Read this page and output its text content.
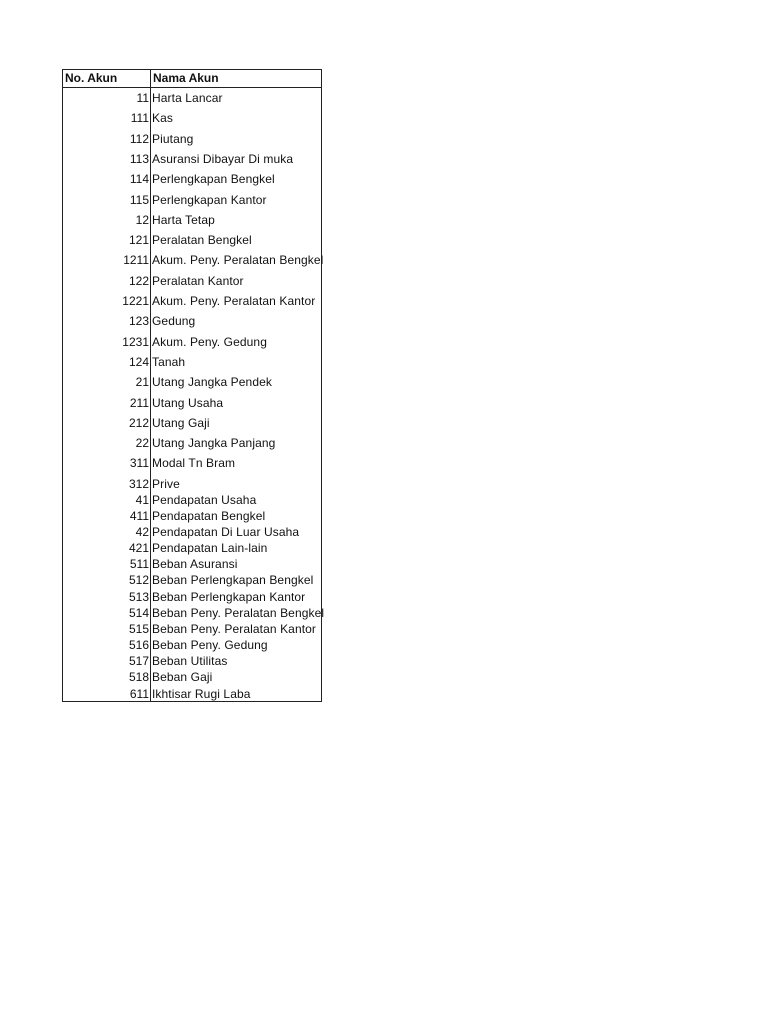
No. Akun	Nama Akun
11 Harta Lancar
111 Kas
112 Piutang
113 Asuransi Dibayar Di muka
114 Perlengkapan Bengkel
115 Perlengkapan Kantor
12 Harta Tetap
121 Peralatan Bengkel
1211 Akum. Peny. Peralatan Bengkel
122 Peralatan Kantor
1221 Akum. Peny. Peralatan Kantor
123 Gedung
1231 Akum. Peny. Gedung
124 Tanah
21 Utang Jangka Pendek
211 Utang Usaha
212 Utang Gaji
22 Utang Jangka Panjang
311 Modal Tn Bram
312 Prive
41 Pendapatan Usaha
411 Pendapatan Bengkel
42 Pendapatan Di Luar Usaha
421 Pendapatan Lain-lain
511 Beban Asuransi
512 Beban Perlengkapan Bengkel
513 Beban Perlengkapan Kantor
514 Beban Peny. Peralatan Bengkel
515 Beban Peny. Peralatan Kantor
516 Beban Peny. Gedung
517 Beban Utilitas
518 Beban Gaji
611 Ikhtisar Rugi Laba
